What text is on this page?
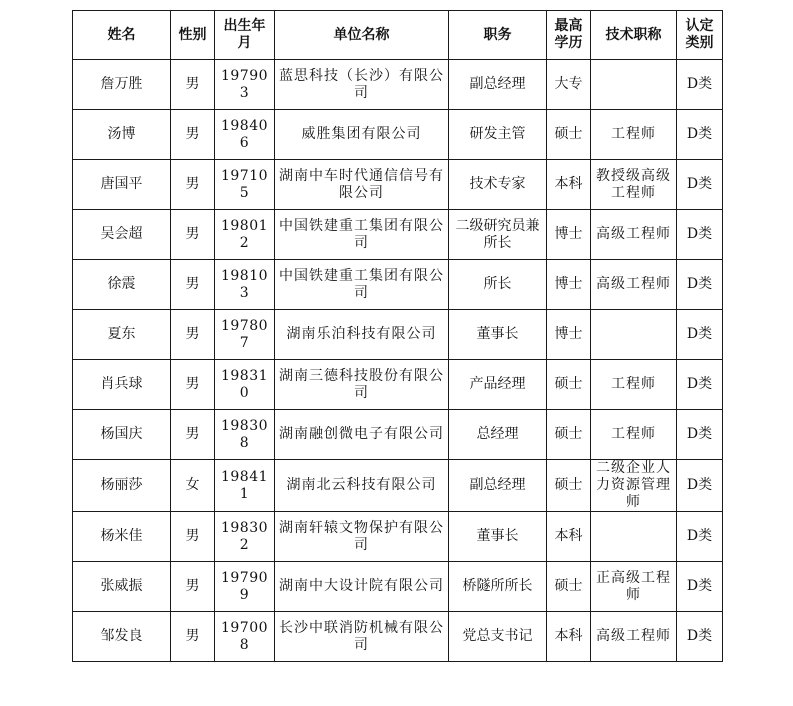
姓名	性别	出生年月	单位名称	职务	最高学历	技术职称	认定类别
詹万胜	男	197903	蓝思科技（长沙）有限公司	副总经理	大专		D类
汤博	男	198406	威胜集团有限公司	研发主管	硕士	工程师	D类
唐国平	男	197105	湖南中车时代通信信号有限公司	技术专家	本科	教授级高级工程师	D类
吴会超	男	198012	中国铁建重工集团有限公司	二级研究员兼所长	博士	高级工程师	D类
徐震	男	198103	中国铁建重工集团有限公司	所长	博士	高级工程师	D类
夏东	男	197807	湖南乐泊科技有限公司	董事长	博士		D类
肖兵球	男	198310	湖南三德科技股份有限公司	产品经理	硕士	工程师	D类
杨国庆	男	198308	湖南融创微电子有限公司	总经理	硕士	工程师	D类
杨丽莎	女	198411	湖南北云科技有限公司	副总经理	硕士	二级企业人力资源管理师	D类
杨米佳	男	198302	湖南轩辕文物保护有限公司	董事长	本科		D类
张威振	男	197909	湖南中大设计院有限公司	桥隧所所长	硕士	正高级工程师	D类
邹发良	男	197008	长沙中联消防机械有限公司	党总支书记	本科	高级工程师	D类
